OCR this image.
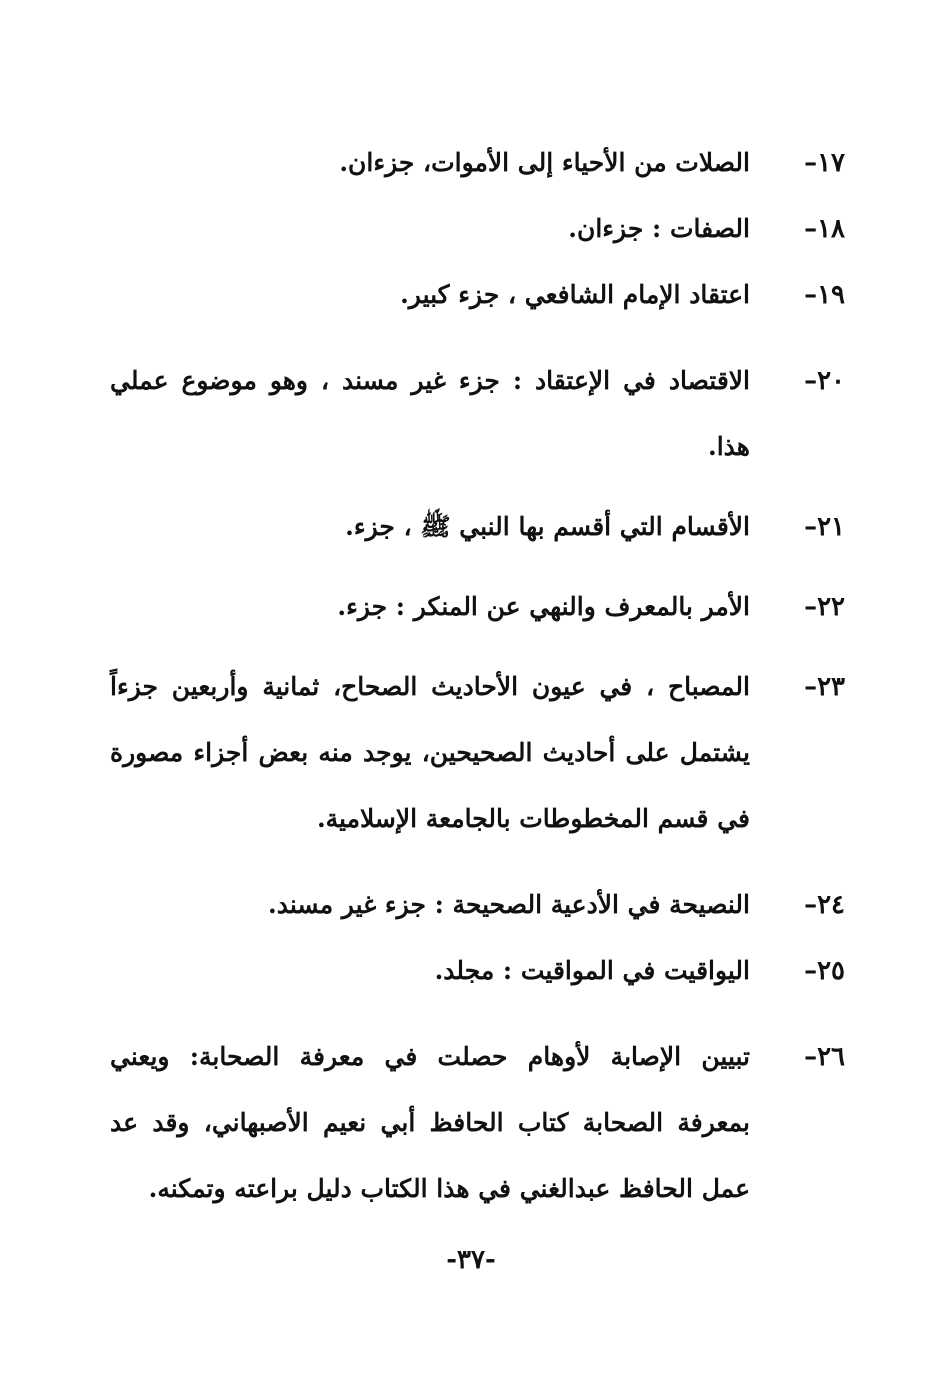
١٧–
الصلات من الأحياء إلى الأموات، جزءان.
١٨–
الصفات : جزءان.
١٩–
اعتقاد الإمام الشافعي ، جزء كبير.
٢٠–
الاقتصاد في الإعتقاد : جزء غير مسند ، وهو موضوع عملي هذا.
٢١–
الأقسام التي أقسم بها النبي ﷺ ، جزء.
٢٢–
الأمر بالمعرف والنهي عن المنكر : جزء.
٢٣–
المصباح ، في عيون الأحاديث الصحاح، ثمانية وأربعين جزءاً يشتمل على أحاديث الصحيحين، يوجد منه بعض أجزاء مصورة في قسم المخطوطات بالجامعة الإسلامية.
٢٤–
النصيحة في الأدعية الصحيحة : جزء غير مسند.
٢٥–
اليواقيت في المواقيت : مجلد.
٢٦–
تبيين الإصابة لأوهام حصلت في معرفة الصحابة: ويعني بمعرفة الصحابة كتاب الحافظ أبي نعيم الأصبهاني، وقد عد عمل الحافظ عبدالغني في هذا الكتاب دليل براعته وتمكنه.
-٣٧-
